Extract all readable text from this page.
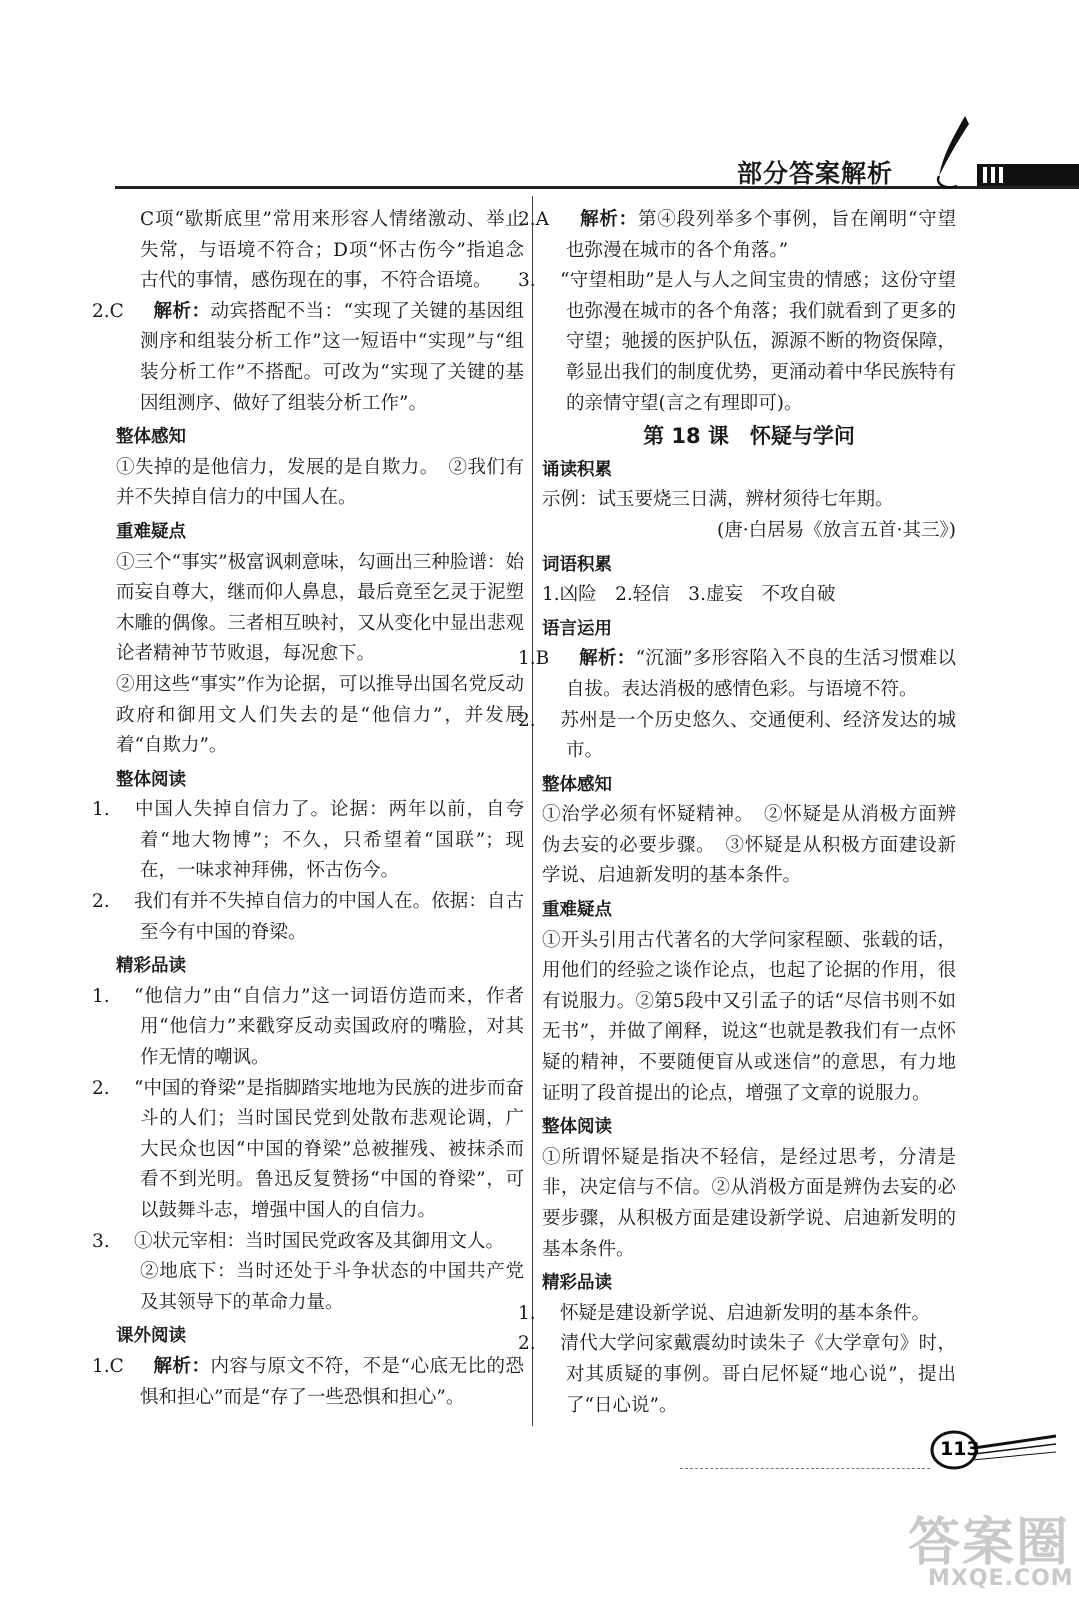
部分答案解析
C项“歇斯底里”常用来形容人情绪激动、举止失常，与语境不符合；D项“怀古伤今”指追念古代的事情，感伤现在的事，不符合语境。
2.C　 解析：动宾搭配不当：“实现了关键的基因组测序和组装分析工作”这一短语中“实现”与“组装分析工作”不搭配。可改为“实现了关键的基因组测序、做好了组装分析工作”。
整体感知
①失掉的是他信力，发展的是自欺力。　②我们有并不失掉自信力的中国人在。
重难疑点
①三个“事实”极富讽刺意味，勾画出三种脸谱：始而妄自尊大，继而仰人鼻息，最后竟至乞灵于泥塑木雕的偶像。三者相互映衬，又从变化中显出悲观论者精神节节败退，每况愈下。
②用这些“事实”作为论据，可以推导出国名党反动政府和御用文人们失去的是“他信力”，并发展着“自欺力”。
整体阅读
1. 中国人失掉自信力了。论据：两年以前，自夸着“地大物博”；不久，只希望着“国联”；现在，一味求神拜佛，怀古伤今。
2. 我们有并不失掉自信力的中国人在。依据：自古至今有中国的脊梁。
精彩品读
1. “他信力”由“自信力”这一词语仿造而来，作者用“他信力”来戳穿反动卖国政府的嘴脸，对其作无情的嘲讽。
2. “中国的脊梁”是指脚踏实地地为民族的进步而奋斗的人们；当时国民党到处散布悲观论调，广大民众也因“中国的脊梁”总被摧残、被抹杀而看不到光明。鲁迅反复赞扬“中国的脊梁”，可以鼓舞斗志，增强中国人的自信力。
3. ①状元宰相：当时国民党政客及其御用文人。
②地底下：当时还处于斗争状态的中国共产党及其领导下的革命力量。
课外阅读
1.C　 解析：内容与原文不符，不是“心底无比的恐惧和担心”而是“存了一些恐惧和担心”。
2.A　 解析：第④段列举多个事例，旨在阐明“守望也弥漫在城市的各个角落。”
3. “守望相助”是人与人之间宝贵的情感；这份守望也弥漫在城市的各个角落；我们就看到了更多的守望；驰援的医护队伍，源源不断的物资保障，彰显出我们的制度优势，更涌动着中华民族特有的亲情守望(言之有理即可)。
第 18 课　怀疑与学问
诵读积累
示例：试玉要烧三日满，辨材须待七年期。
(唐·白居易《放言五首·其三》)
词语积累
1.凶险　2.轻信　3.虚妄　不攻自破
语言运用
1.B　 解析：“沉湎”多形容陷入不良的生活习惯难以自拔。表达消极的感情色彩。与语境不符。
2. 苏州是一个历史悠久、交通便利、经济发达的城市。
整体感知
①治学必须有怀疑精神。　②怀疑是从消极方面辨伪去妄的必要步骤。　③怀疑是从积极方面建设新学说、启迪新发明的基本条件。
重难疑点
①开头引用古代著名的大学问家程颐、张载的话，用他们的经验之谈作论点，也起了论据的作用，很有说服力。②第5段中又引孟子的话“尽信书则不如无书”，并做了阐释，说这“也就是教我们有一点怀疑的精神，不要随便盲从或迷信”的意思，有力地证明了段首提出的论点，增强了文章的说服力。
整体阅读
①所谓怀疑是指决不轻信，是经过思考，分清是非，决定信与不信。②从消极方面是辨伪去妄的必要步骤，从积极方面是建设新学说、启迪新发明的基本条件。
精彩品读
1. 怀疑是建设新学说、启迪新发明的基本条件。
2. 清代大学问家戴震幼时读朱子《大学章句》时，对其质疑的事例。哥白尼怀疑“地心说”，提出了“日心说”。
113
答案圈
MXQE.COM
